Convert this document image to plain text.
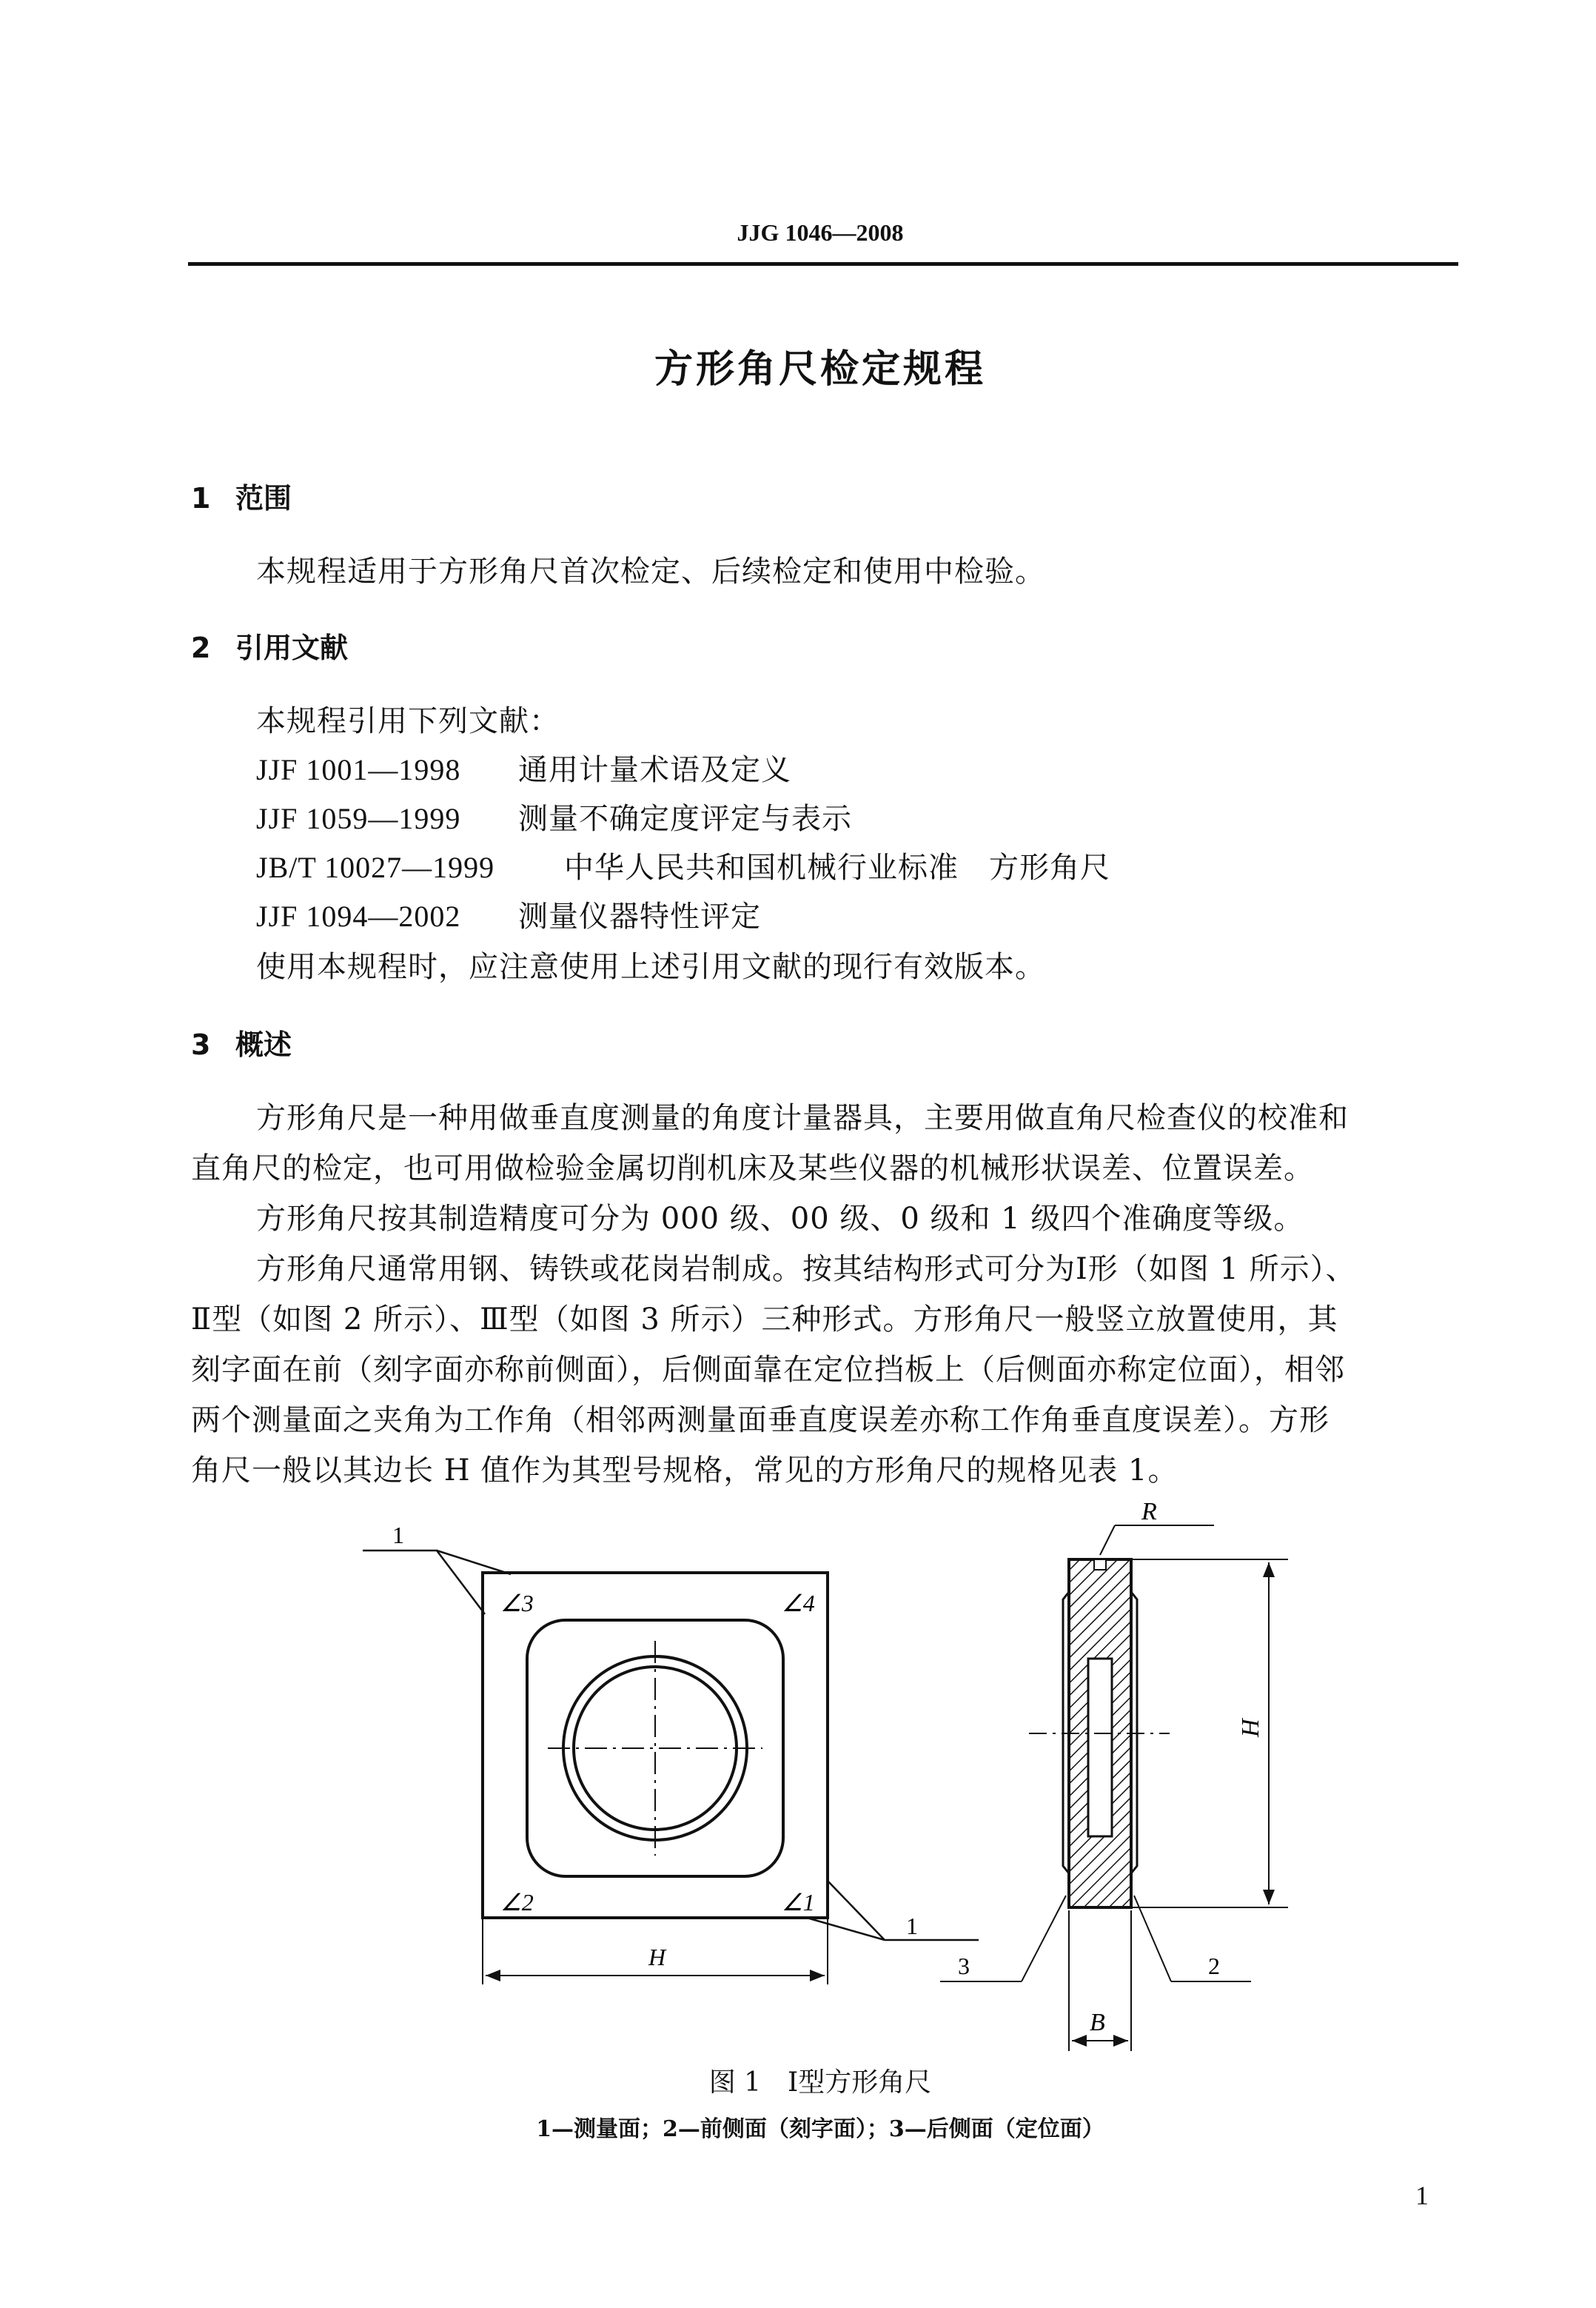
JJG 1046—2008
方形角尺检定规程
1 范围
本规程适用于方形角尺首次检定、后续检定和使用中检验。
2 引用文献
本规程引用下列文献：
JJF 1001—1998 通用计量术语及定义
JJF 1059—1999 测量不确定度评定与表示
JB/T 10027—1999 中华人民共和国机械行业标准　方形角尺
JJF 1094—2002 测量仪器特性评定
使用本规程时，应注意使用上述引用文献的现行有效版本。
3 概述
方形角尺是一种用做垂直度测量的角度计量器具，主要用做直角尺检查仪的校准和
直角尺的检定，也可用做检验金属切削机床及某些仪器的机械形状误差、位置误差。
方形角尺按其制造精度可分为 000 级、00 级、0 级和 1 级四个准确度等级。
方形角尺通常用钢、铸铁或花岗岩制成。按其结构形式可分为Ⅰ形（如图 1 所示）、
Ⅱ型（如图 2 所示）、Ⅲ型（如图 3 所示）三种形式。方形角尺一般竖立放置使用，其
刻字面在前（刻字面亦称前侧面），后侧面靠在定位挡板上（后侧面亦称定位面），相邻
两个测量面之夹角为工作角（相邻两测量面垂直度误差亦称工作角垂直度误差）。方形
角尺一般以其边长 H 值作为其型号规格，常见的方形角尺的规格见表 1。
∠3	∠4
∠2	∠1
1
1
H
R
H
B
3	2
图 1　Ⅰ型方形角尺
1—测量面；2—前侧面（刻字面）；3—后侧面（定位面）
1
